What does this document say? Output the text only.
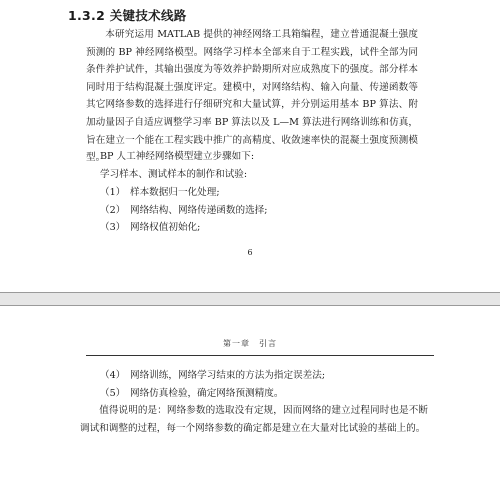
1.3.2 关键技术线路

本研究运用 MATLAB 提供的神经网络工具箱编程，建立普通混凝土强度预测的 BP 神经网络模型。网络学习样本全部来自于工程实践，试件全部为同条件养护试件，其输出强度为等效养护龄期所对应成熟度下的强度。部分样本同时用于结构混凝土强度评定。建模中，对网络结构、输入向量、传递函数等其它网络参数的选择进行仔细研究和大量试算，并分别运用基本 BP 算法、附加动量因子自适应调整学习率 BP 算法以及 L—M 算法进行网络训练和仿真，旨在建立一个能在工程实践中推广的高精度、收敛速率快的混凝土强度预测模型。

BP 人工神经网络模型建立步骤如下:

学习样本、测试样本的制作和试验:

（1） 样本数据归一化处理;
（2） 网络结构、网络传递函数的选择;
（3） 网络权值初始化;
6
第一章　引言
（4） 网络训练，网络学习结束的方法为指定误差法;
（5） 网络仿真检验，确定网络预测精度。

值得说明的是：网络参数的选取没有定规，因而网络的建立过程同时也是不断调试和调整的过程，每一个网络参数的确定都是建立在大量对比试验的基础上的。
